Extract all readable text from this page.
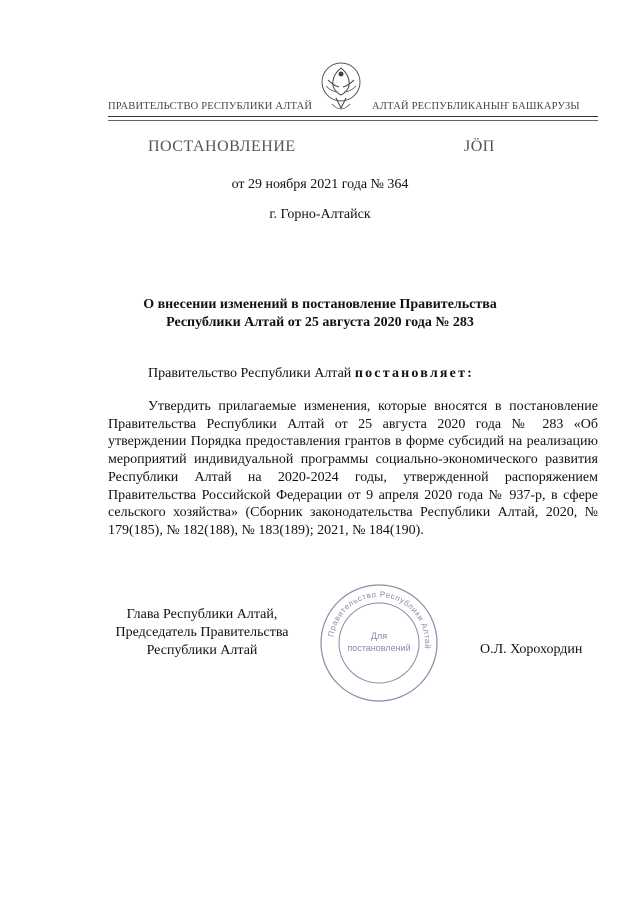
ПРАВИТЕЛЬСТВО РЕСПУБЛИКИ АЛТАЙ	АЛТАЙ РЕСПУБЛИКАНЫҤ БАШКАРУЗЫ
ПОСТАНОВЛЕНИЕ	JÖП
от 29 ноября 2021 года № 364
г. Горно-Алтайск
О внесении изменений в постановление Правительства
Республики Алтай от 25 августа 2020 года № 283
Правительство Республики Алтай постановляет:

Утвердить прилагаемые изменения, которые вносятся в постановление Правительства Республики Алтай от 25 августа 2020 года № 283 «Об утверждении Порядка предоставления грантов в форме субсидий на реализацию мероприятий индивидуальной программы социально-экономического развития Республики Алтай на 2020-2024 годы, утвержденной распоряжением Правительства Российской Федерации от 9 апреля 2020 года № 937-р, в сфере сельского хозяйства» (Сборник законодательства Республики Алтай, 2020, № 179(185), № 182(188), № 183(189); 2021, № 184(190).

Глава Республики Алтай,
Председатель Правительства
Республики Алтай
Правительство Республики Алтай
Для
постановлений	О.Л. Хорохордин
